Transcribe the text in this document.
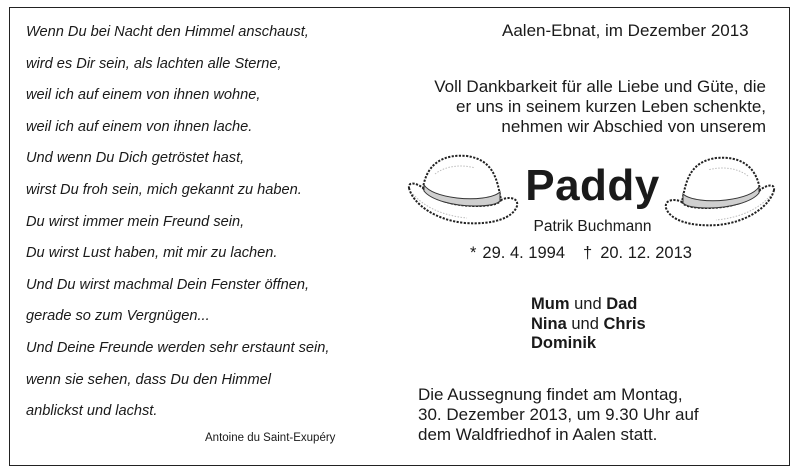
Wenn Du bei Nacht den Himmel anschaust,
wird es Dir sein, als lachten alle Sterne,
weil ich auf einem von ihnen wohne,
weil ich auf einem von ihnen lache.
Und wenn Du Dich getröstet hast,
wirst Du froh sein, mich gekannt zu haben.
Du wirst immer mein Freund sein,
Du wirst Lust haben, mit mir zu lachen.
Und Du wirst machmal Dein Fenster öffnen,
gerade so zum Vergnügen...
Und Deine Freunde werden sehr erstaunt sein,
wenn sie sehen, dass Du den Himmel
anblickst und lachst.
Antoine du Saint-Exupéry
Aalen-Ebnat, im Dezember 2013
Voll Dankbarkeit für alle Liebe und Güte, die
er uns in seinem kurzen Leben schenkte,
nehmen wir Abschied von unserem
Paddy
Patrik Buchmann
* 29. 4. 1994 † 20. 12. 2013
Mum und Dad
Nina und Chris
Dominik
Die Aussegnung findet am Montag,
30. Dezember 2013, um 9.30 Uhr auf
dem Waldfriedhof in Aalen statt.
